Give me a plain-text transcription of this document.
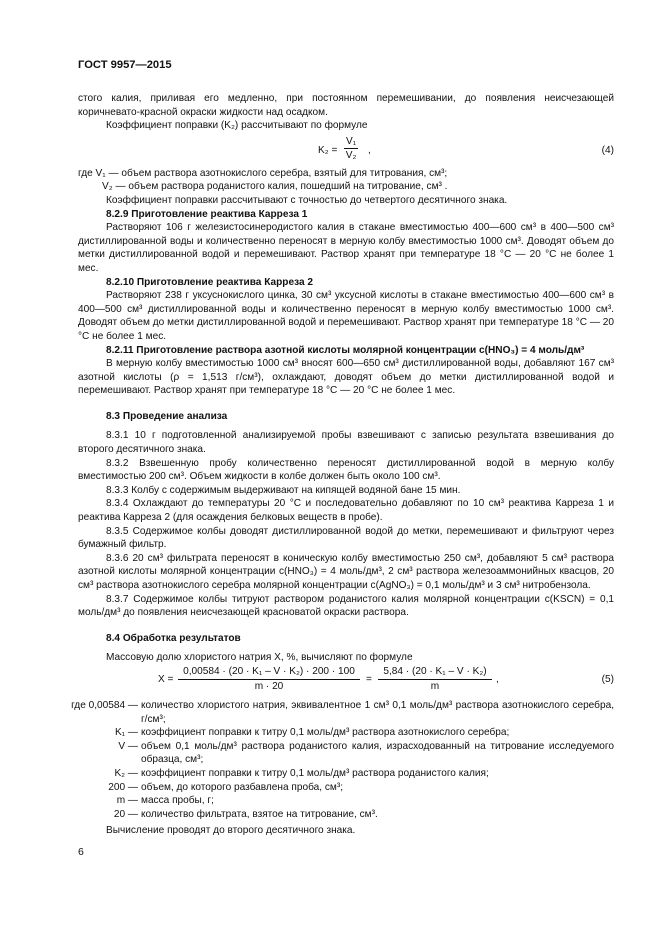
ГОСТ 9957—2015

стого калия, приливая его медленно, при постоянном перемешивании, до появления неисчезающей коричневато-красной окраски жидкости над осадком.

Коэффициент поправки (K₂) рассчитывают по формуле

$K_2 = \frac{\text{V₁}}{\text{V₂}}$ ,	(4)

где V₁ — объем раствора азотнокислого серебра, взятый для титрования, см³;

V₂ — объем раствора роданистого калия, пошедший на титрование, см³ .

Коэффициент поправки рассчитывают с точностью до четвертого десятичного знака.

8.2.9 Приготовление реактива Карреза 1

Растворяют 106 г железистосинеродистого калия в стакане вместимостью 400—600 см³ в 400—500 см³ дистиллированной воды и количественно переносят в мерную колбу вместимостью 1000 см³. Доводят объем до метки дистиллированной водой и перемешивают. Раствор хранят при температуре 18 °С — 20 °С не более 1 мес.

8.2.10 Приготовление реактива Карреза 2

Растворяют 238 г уксуснокислого цинка, 30 см³ уксусной кислоты в стакане вместимостью 400—600 см³ в 400—500 см³ дистиллированной воды и количественно переносят в мерную колбу вместимостью 1000 см³. Доводят объем до метки дистиллированной водой и перемешивают. Раствор хранят при температуре 18 °С — 20 °С не более 1 мес.

8.2.11 Приготовление раствора азотной кислоты молярной концентрации c(HNO₃) = 4 моль/дм³

В мерную колбу вместимостью 1000 см³ вносят 600—650 см³ дистиллированной воды, добавляют 167 см³ азотной кислоты (ρ = 1,513 г/см³), охлаждают, доводят объем до метки дистиллированной водой и перемешивают. Раствор хранят при температуре 18 °С — 20 °С не более 1 мес.

8.3 Проведение анализа

8.3.1 10 г подготовленной анализируемой пробы взвешивают с записью результата взвешивания до второго десятичного знака.

8.3.2 Взвешенную пробу количественно переносят дистиллированной водой в мерную колбу вместимостью 200 см³. Объем жидкости в колбе должен быть около 100 см³.

8.3.3 Колбу с содержимым выдерживают на кипящей водяной бане 15 мин.

8.3.4 Охлаждают до температуры 20 °С и последовательно добавляют по 10 см³ реактива Карреза 1 и реактива Карреза 2 (для осаждения белковых веществ в пробе).

8.3.5 Содержимое колбы доводят дистиллированной водой до метки, перемешивают и фильтруют через бумажный фильтр.

8.3.6 20 см³ фильтрата переносят в коническую колбу вместимостью 250 см³, добавляют 5 см³ раствора азотной кислоты молярной концентрации c(HNO₃) = 4 моль/дм³, 2 см³ раствора железоаммонийных квасцов, 20 см³ раствора азотнокислого серебра молярной концентрации c(AgNO₃) = 0,1 моль/дм³ и 3 см³ нитробензола.

8.3.7 Содержимое колбы титруют раствором роданистого калия молярной концентрации c(KSCN) = 0,1 моль/дм³ до появления неисчезающей красноватой окраски раствора.

8.4 Обработка результатов

Массовую долю хлористого натрия X, %, вычисляют по формуле

$X = \frac{\text{0,00584 · (20 · K₁ – V · K₂) · 200 · 100}}{m \cdot 20} = \frac{\text{5,84 · (20 · K₁ – V · K₂)}}{m}$ ,	(5)
где 0,00584 — количество хлористого натрия, эквивалентное 1 см³ 0,1 моль/дм³ раствора азотнокислого серебра, г/см³;
K₁ — коэффициент поправки к титру 0,1 моль/дм³ раствора азотнокислого серебра;
V — объем 0,1 моль/дм³ раствора роданистого калия, израсходованный на титрование исследуемого образца, см³;
K₂ — коэффициент поправки к титру 0,1 моль/дм³ раствора роданистого калия;
200 — объем, до которого разбавлена проба, см³;
m — масса пробы, г;
20 — количество фильтрата, взятое на титрование, см³.

Вычисление проводят до второго десятичного знака.

6
